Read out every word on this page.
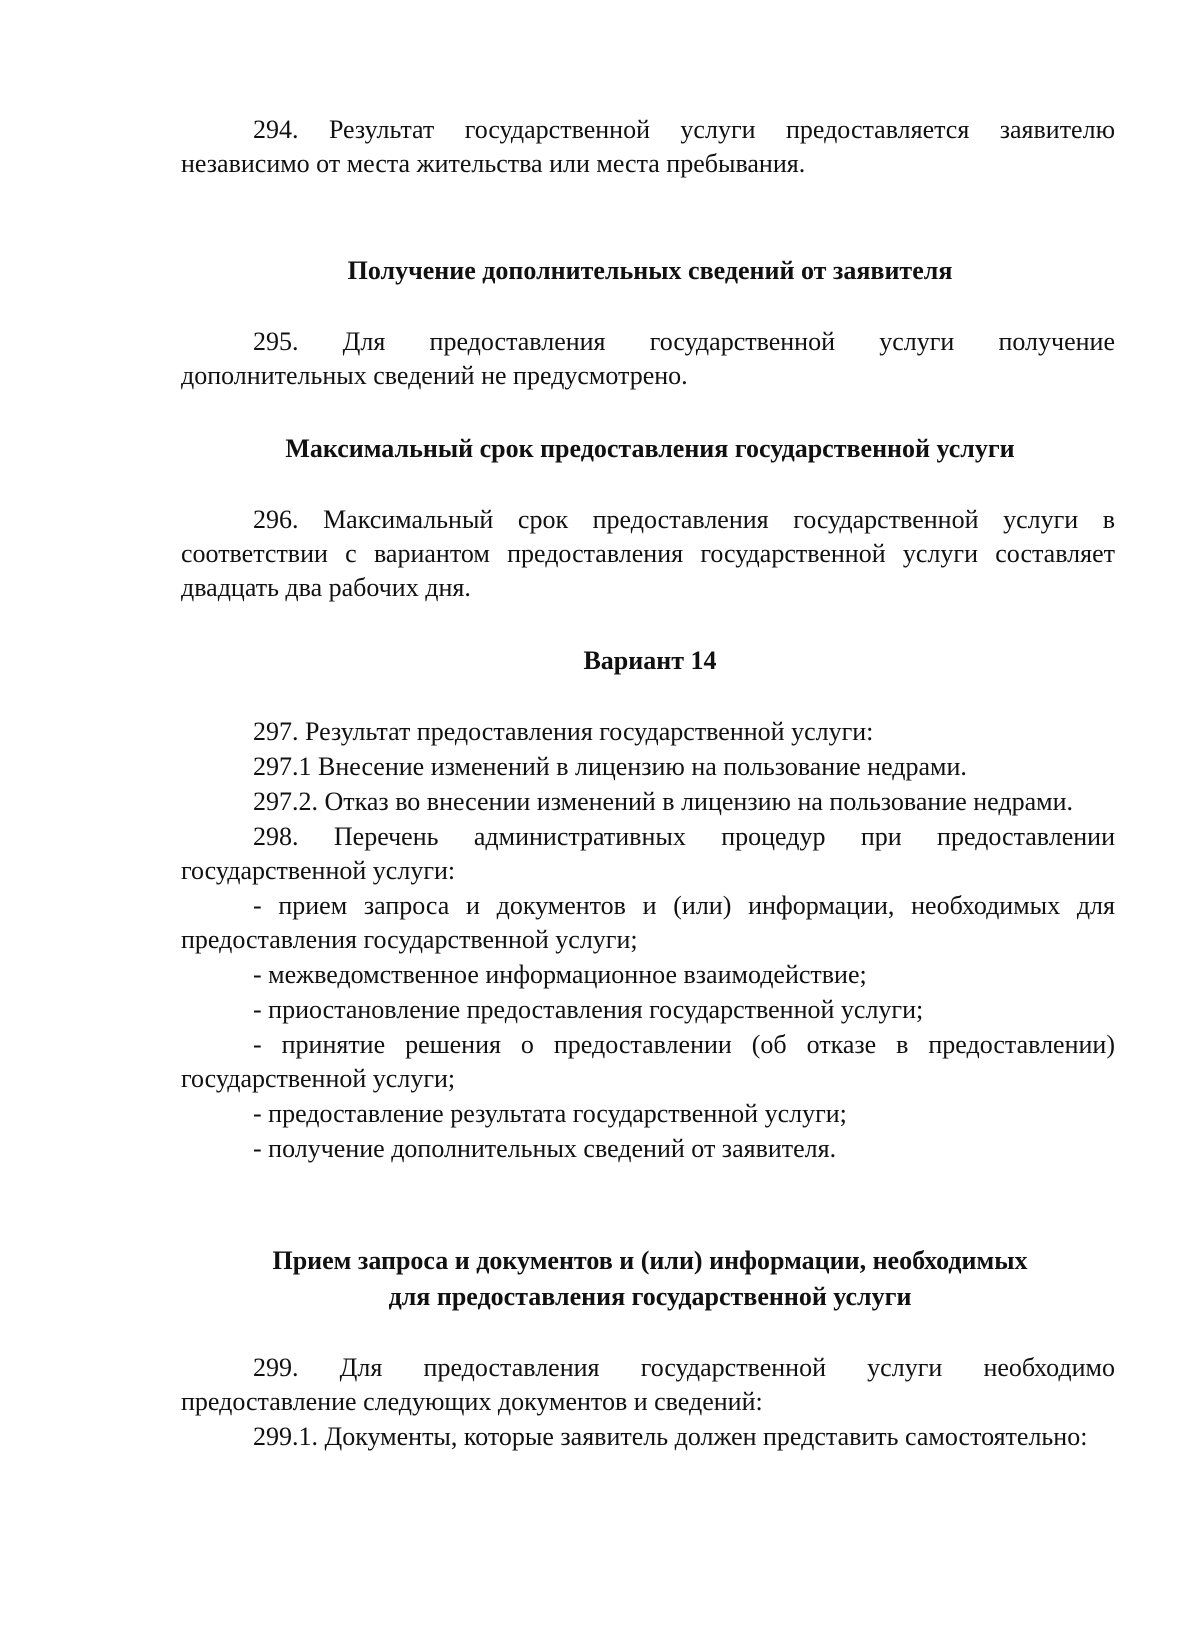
294. Результат государственной услуги предоставляется заявителю независимо от места жительства или места пребывания.

Получение дополнительных сведений от заявителя

295. Для предоставления государственной услуги получение дополнительных сведений не предусмотрено.

Максимальный срок предоставления государственной услуги

296. Максимальный срок предоставления государственной услуги в соответствии с вариантом предоставления государственной услуги составляет двадцать два рабочих дня.

Вариант 14

297. Результат предоставления государственной услуги:

297.1 Внесение изменений в лицензию на пользование недрами.

297.2. Отказ во внесении изменений в лицензию на пользование недрами.

298. Перечень административных процедур при предоставлении государственной услуги:

- прием запроса и документов и (или) информации, необходимых для предоставления государственной услуги;

- межведомственное информационное взаимодействие;

- приостановление предоставления государственной услуги;

- принятие решения о предоставлении (об отказе в предоставлении) государственной услуги;

- предоставление результата государственной услуги;

- получение дополнительных сведений от заявителя.

Прием запроса и документов и (или) информации, необходимых
для предоставления государственной услуги

299. Для предоставления государственной услуги необходимо предоставление следующих документов и сведений:

299.1. Документы, которые заявитель должен представить самостоятельно:
